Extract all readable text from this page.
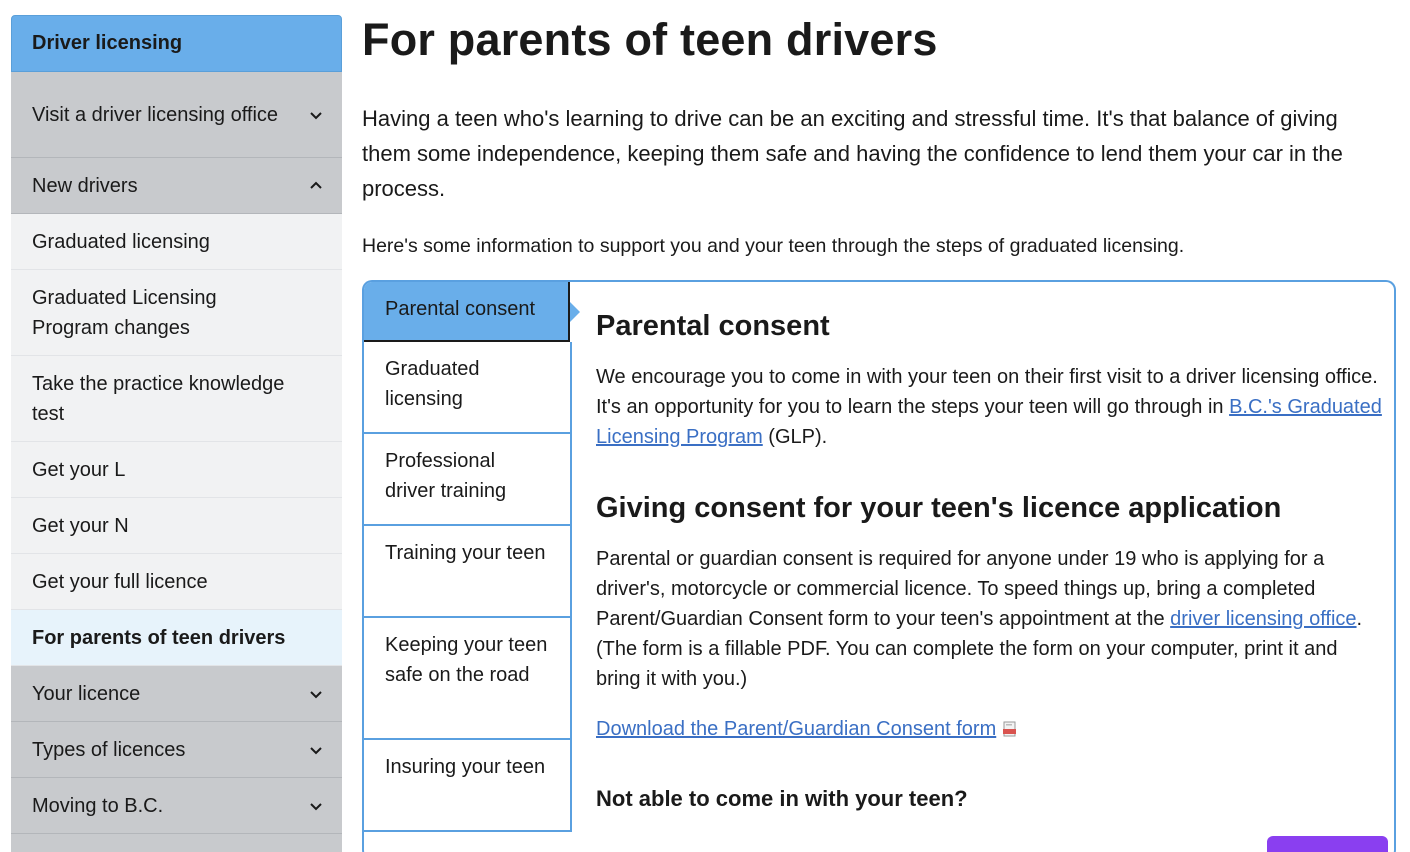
Driver licensing
Visit a driver licensing office
New drivers
Graduated licensing
Graduated Licensing Program changes
Take the practice knowledge test
Get your L
Get your N
Get your full licence
For parents of teen drivers
Your licence
Types of licences
Moving to B.C.
For parents of teen drivers

Having a teen who's learning to drive can be an exciting and stressful time. It's that balance of giving them some independence, keeping them safe and having the confidence to lend them your car in the process.

Here's some information to support you and your teen through the steps of graduated licensing.

Parental consent
Graduated licensing
Professional driver training
Training your teen
Keeping your teen safe on the road
Insuring your teen
Parental consent

We encourage you to come in with your teen on their first visit to a driver licensing office. It's an opportunity for you to learn the steps your teen will go through in B.C.'s Graduated Licensing Program (GLP).

Giving consent for your teen's licence application

Parental or guardian consent is required for anyone under 19 who is applying for a driver's, motorcycle or commercial licence. To speed things up, bring a completed Parent/Guardian Consent form to your teen's appointment at the driver licensing office. (The form is a fillable PDF. You can complete the form on your computer, print it and bring it with you.)

Download the Parent/Guardian Consent form

Not able to come in with your teen?
